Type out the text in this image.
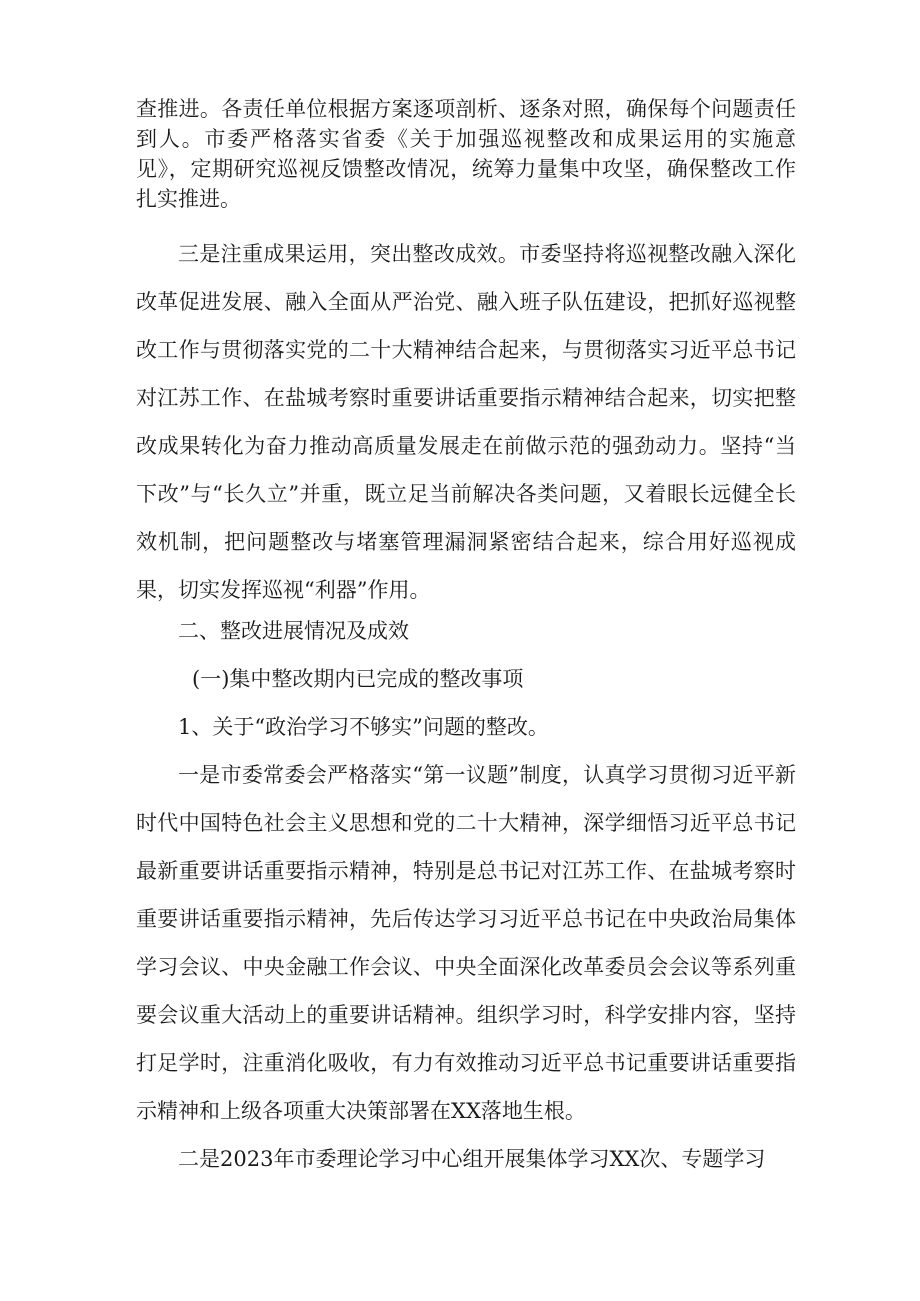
查推进。各责任单位根据方案逐项剖析、逐条对照，确保每个问题责任到人。市委严格落实省委《关于加强巡视整改和成果运用的实施意见》，定期研究巡视反馈整改情况，统筹力量集中攻坚，确保整改工作扎实推进。

三是注重成果运用，突出整改成效。市委坚持将巡视整改融入深化改革促进发展、融入全面从严治党、融入班子队伍建设，把抓好巡视整改工作与贯彻落实党的二十大精神结合起来，与贯彻落实习近平总书记对江苏工作、在盐城考察时重要讲话重要指示精神结合起来，切实把整改成果转化为奋力推动高质量发展走在前做示范的强劲动力。坚持“当下改”与“长久立”并重，既立足当前解决各类问题，又着眼长远健全长效机制，把问题整改与堵塞管理漏洞紧密结合起来，综合用好巡视成果，切实发挥巡视“利器”作用。

二、整改进展情况及成效

(一)集中整改期内已完成的整改事项

1、关于“政治学习不够实”问题的整改。

一是市委常委会严格落实“第一议题”制度，认真学习贯彻习近平新时代中国特色社会主义思想和党的二十大精神，深学细悟习近平总书记最新重要讲话重要指示精神，特别是总书记对江苏工作、在盐城考察时重要讲话重要指示精神，先后传达学习习近平总书记在中央政治局集体学习会议、中央金融工作会议、中央全面深化改革委员会会议等系列重要会议重大活动上的重要讲话精神。组织学习时，科学安排内容，坚持打足学时，注重消化吸收，有力有效推动习近平总书记重要讲话重要指示精神和上级各项重大决策部署在XX落地生根。

二是2023年市委理论学习中心组开展集体学习XX次、专题学习
